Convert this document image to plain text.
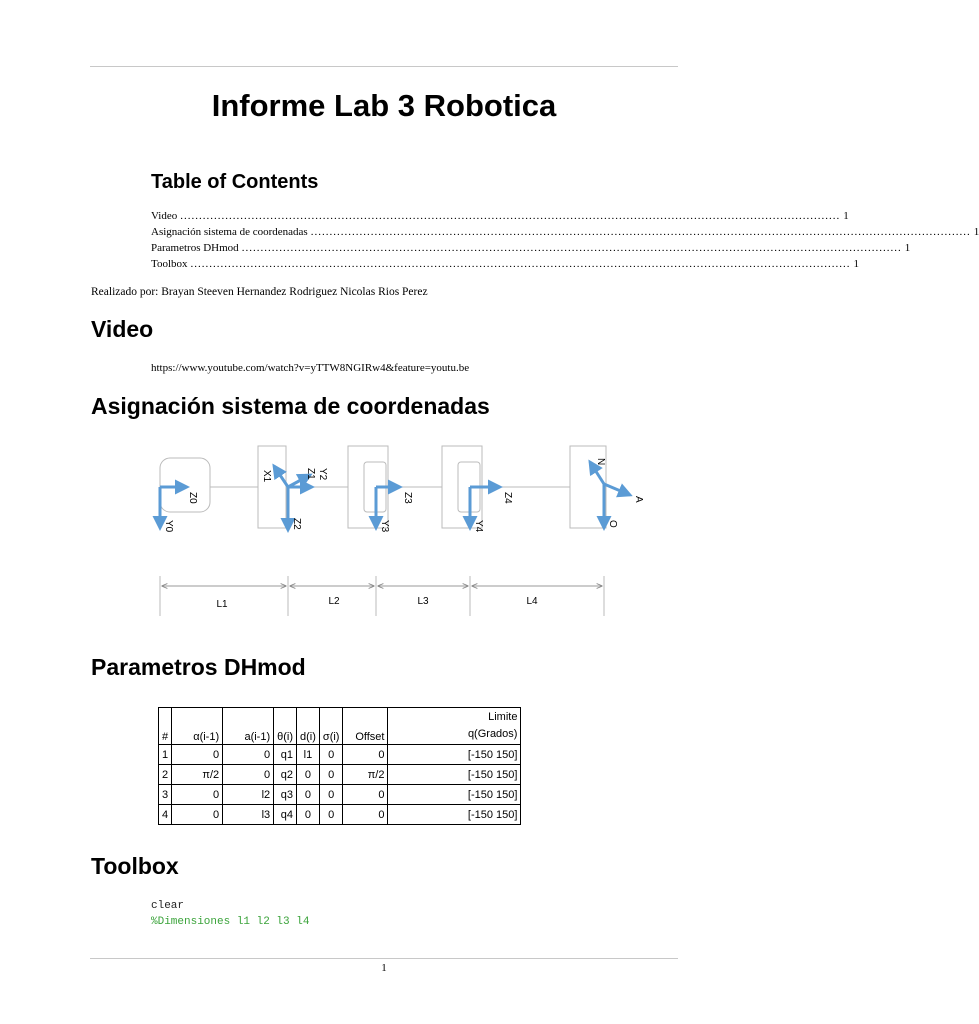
Informe Lab 3 Robotica
Table of Contents
Video ................................................................................................................................................................................ 1
Asignación sistema de coordenadas ................................................................................................................................................................................ 1
Parametros DHmod ................................................................................................................................................................................ 1
Toolbox ................................................................................................................................................................................ 1
Realizado por: Brayan Steeven Hernandez Rodriguez Nicolas Rios Perez
Video
https://www.youtube.com/watch?v=yTTW8NGIRw4&feature=youtu.be
Asignación sistema de coordenadas
Z0
Y0
X1	Z1 Y2
Z2
Z3
Y3
Z4
Y4
N
A
O
L1	L2	L3	L4
Parametros DHmod
#	α(i-1)	a(i-1)	θ(i)	d(i)	σ(i)	Offset	Limite
q(Grados)

1	0	0	q1	l1	0	0	[-150 150]
2	π/2	0	q2	0	0	π/2	[-150 150]
3	0	l2	q3	0	0	0	[-150 150]
4	0	l3	q4	0	0	0	[-150 150]
Toolbox
clear
%Dimensiones l1 l2 l3 l4
1
